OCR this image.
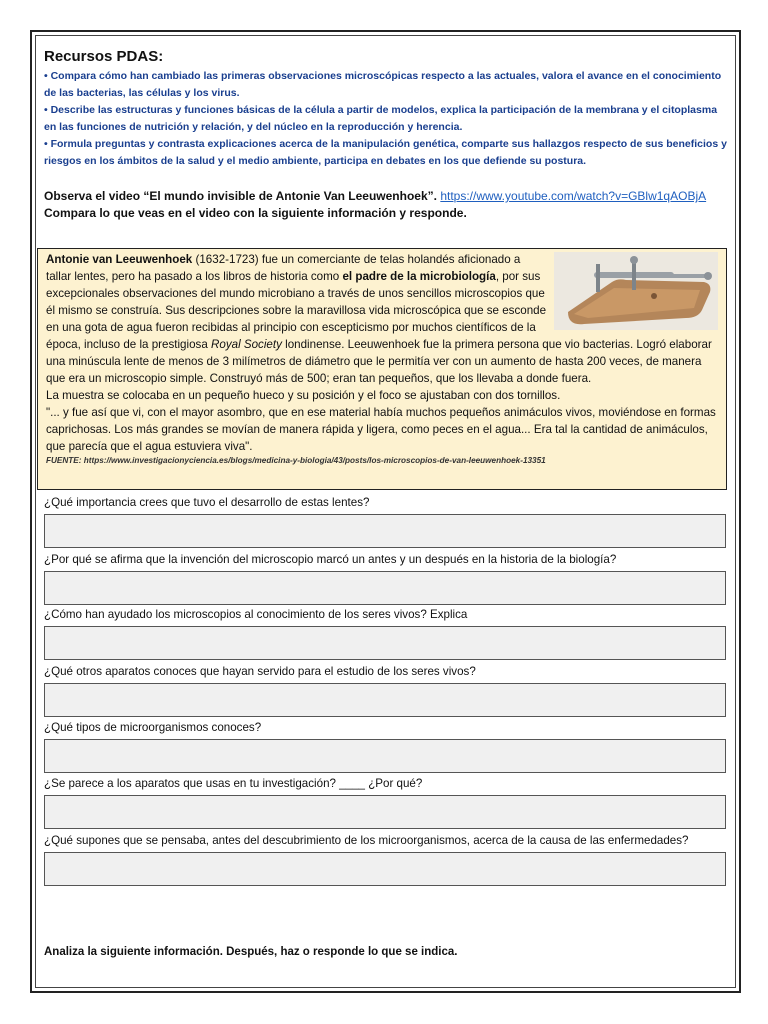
Recursos PDAS:
• Compara cómo han cambiado las primeras observaciones microscópicas respecto a las actuales, valora el avance en el conocimiento de las bacterias, las células y los virus.
• Describe las estructuras y funciones básicas de la célula a partir de modelos, explica la participación de la membrana y el citoplasma en las funciones de nutrición y relación, y del núcleo en la reproducción y herencia.
• Formula preguntas y contrasta explicaciones acerca de la manipulación genética, comparte sus hallazgos respecto de sus beneficios y riesgos en los ámbitos de la salud y el medio ambiente, participa en debates en los que defiende su postura.
Observa el video “El mundo invisible de Antonie Van Leeuwenhoek”. https://www.youtube.com/watch?v=GBlw1qAOBjA
Compara lo que veas en el video con la siguiente información y responde.

Antonie van Leeuwenhoek (1632-1723) fue un comerciante de telas holandés aficionado a tallar lentes, pero ha pasado a los libros de historia como el padre de la microbiología, por sus excepcionales observaciones del mundo microbiano a través de unos sencillos microscopios que él mismo se construía. Sus descripciones sobre la maravillosa vida microscópica que se esconde en una gota de agua fueron recibidas al principio con escepticismo por muchos científicos de la época, incluso de la prestigiosa Royal Society londinense. Leeuwenhoek fue la primera persona que vio bacterias. Logró elaborar una minúscula lente de menos de 3 milímetros de diámetro que le permitía ver con un aumento de hasta 200 veces, de manera que era un microscopio simple. Construyó más de 500; eran tan pequeños, que los llevaba a donde fuera.

La muestra se colocaba en un pequeño hueco y su posición y el foco se ajustaban con dos tornillos.

"... y fue así que vi, con el mayor asombro, que en ese material había muchos pequeños animáculos vivos, moviéndose en formas caprichosas. Los más grandes se movían de manera rápida y ligera, como peces en el agua... Era tal la cantidad de animáculos, que parecía que el agua estuviera viva".

FUENTE: https://www.investigacionyciencia.es/blogs/medicina-y-biologia/43/posts/los-microscopios-de-van-leeuwenhoek-13351

¿Qué importancia crees que tuvo el desarrollo de estas lentes?
¿Por qué se afirma que la invención del microscopio marcó un antes y un después en la historia de la biología?
¿Cómo han ayudado los microscopios al conocimiento de los seres vivos? Explica
¿Qué otros aparatos conoces que hayan servido para el estudio de los seres vivos?
¿Qué tipos de microorganismos conoces?
¿Se parece a los aparatos que usas en tu investigación? ____ ¿Por qué?
¿Qué supones que se pensaba, antes del descubrimiento de los microorganismos, acerca de la causa de las enfermedades?
Analiza la siguiente información. Después, haz o responde lo que se indica.
